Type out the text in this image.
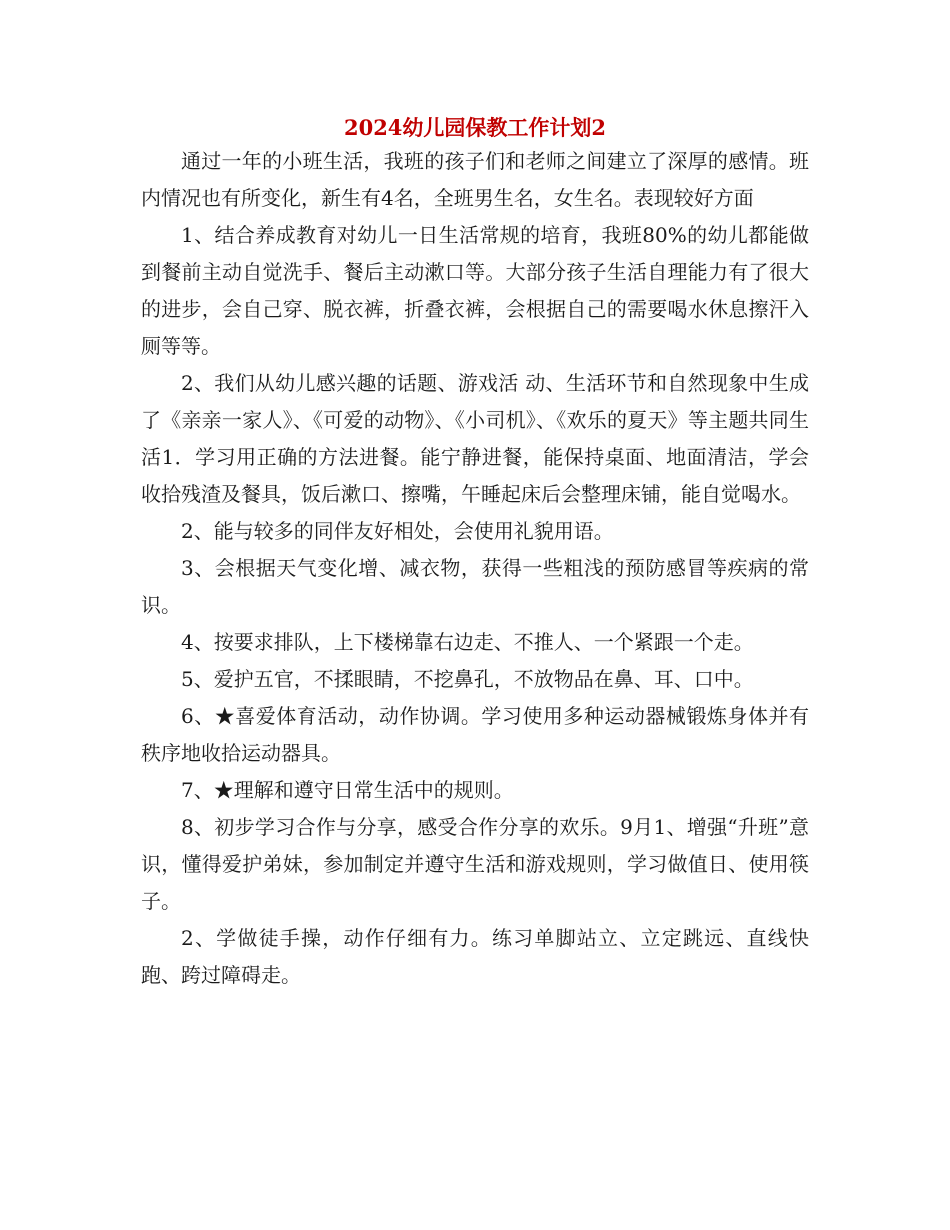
2024幼儿园保教工作计划2

通过一年的小班生活，我班的孩子们和老师之间建立了深厚的感情。班内情况也有所变化，新生有4名，全班男生名，女生名。表现较好方面

1、结合养成教育对幼儿一日生活常规的培育，我班80%的幼儿都能做到餐前主动自觉洗手、餐后主动漱口等。大部分孩子生活自理能力有了很大的进步，会自己穿、脱衣裤，折叠衣裤，会根据自己的需要喝水休息擦汗入厕等等。

2、我们从幼儿感兴趣的话题、游戏活 动、生活环节和自然现象中生成了《亲亲一家人》、《可爱的动物》、《小司机》、《欢乐的夏天》等主题共同生活1．学习用正确的方法进餐。能宁静进餐，能保持桌面、地面清洁，学会收拾残渣及餐具，饭后漱口、擦嘴，午睡起床后会整理床铺，能自觉喝水。

2、能与较多的同伴友好相处，会使用礼貌用语。

3、会根据天气变化增、减衣物，获得一些粗浅的预防感冒等疾病的常识。

4、按要求排队，上下楼梯靠右边走、不推人、一个紧跟一个走。

5、爱护五官，不揉眼睛，不挖鼻孔，不放物品在鼻、耳、口中。

6、★喜爱体育活动，动作协调。学习使用多种运动器械锻炼身体并有秩序地收拾运动器具。

7、★理解和遵守日常生活中的规则。

8、初步学习合作与分享，感受合作分享的欢乐。9月1、增强“升班”意识，懂得爱护弟妹，参加制定并遵守生活和游戏规则，学习做值日、使用筷子。

2、学做徒手操，动作仔细有力。练习单脚站立、立定跳远、直线快跑、跨过障碍走。
